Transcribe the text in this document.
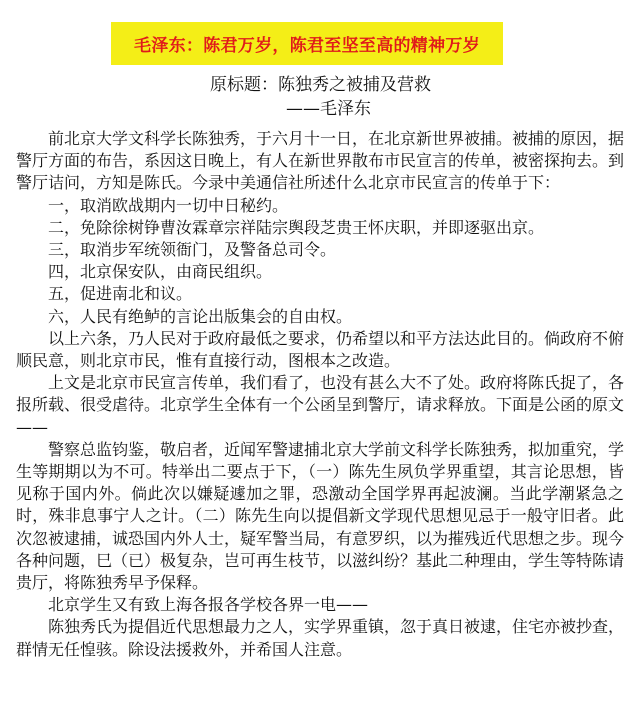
毛泽东：陈君万岁，陈君至坚至高的精神万岁
原标题：陈独秀之被捕及营救
——毛泽东

前北京大学文科学长陈独秀，于六月十一日，在北京新世界被捕。被捕的原因，据警厅方面的布告，系因这日晚上，有人在新世界散布市民宣言的传单，被密探拘去。到警厅诘问，方知是陈氏。今录中美通信社所述什么北京市民宣言的传单于下：

一，取消欧战期内一切中日秘约。

二，免除徐树铮曹汝霖章宗祥陆宗舆段芝贵王怀庆职，并即逐驱出京。

三，取消步军统领衙门，及警备总司令。

四，北京保安队，由商民组织。

五，促进南北和议。

六，人民有绝鲈的言论出版集会的自由权。

以上六条，乃人民对于政府最低之要求，仍希望以和平方法达此目的。倘政府不俯顺民意，则北京市民，惟有直接行动，图根本之改造。

上文是北京市民宣言传单，我们看了，也没有甚么大不了处。政府将陈氏捉了，各报所载、很受虐待。北京学生全体有一个公函呈到警厅，请求释放。下面是公函的原文——

警察总监钧鉴，敬启者，近闻军警逮捕北京大学前文科学长陈独秀，拟加重究，学生等期期以为不可。特举出二要点于下，（一）陈先生夙负学界重望，其言论思想，皆见称于国内外。倘此次以嫌疑遽加之罪，恐激动全国学界再起波澜。当此学潮紧急之时，殊非息事宁人之计。（二）陈先生向以提倡新文学现代思想见忌于一般守旧者。此次忽被逮捕，诚恐国内外人士，疑军警当局，有意罗织，以为摧残近代思想之步。现今各种问题，巳（已）极复杂，岂可再生枝节，以滋纠纷？基此二种理由，学生等特陈请贵厅，将陈独秀早予保释。

北京学生又有致上海各报各学校各界一电——

陈独秀氏为提倡近代思想最力之人，实学界重镇，忽于真日被逮，住宅亦被抄查，群情无任惶骇。除设法援救外，并希国人注意。
